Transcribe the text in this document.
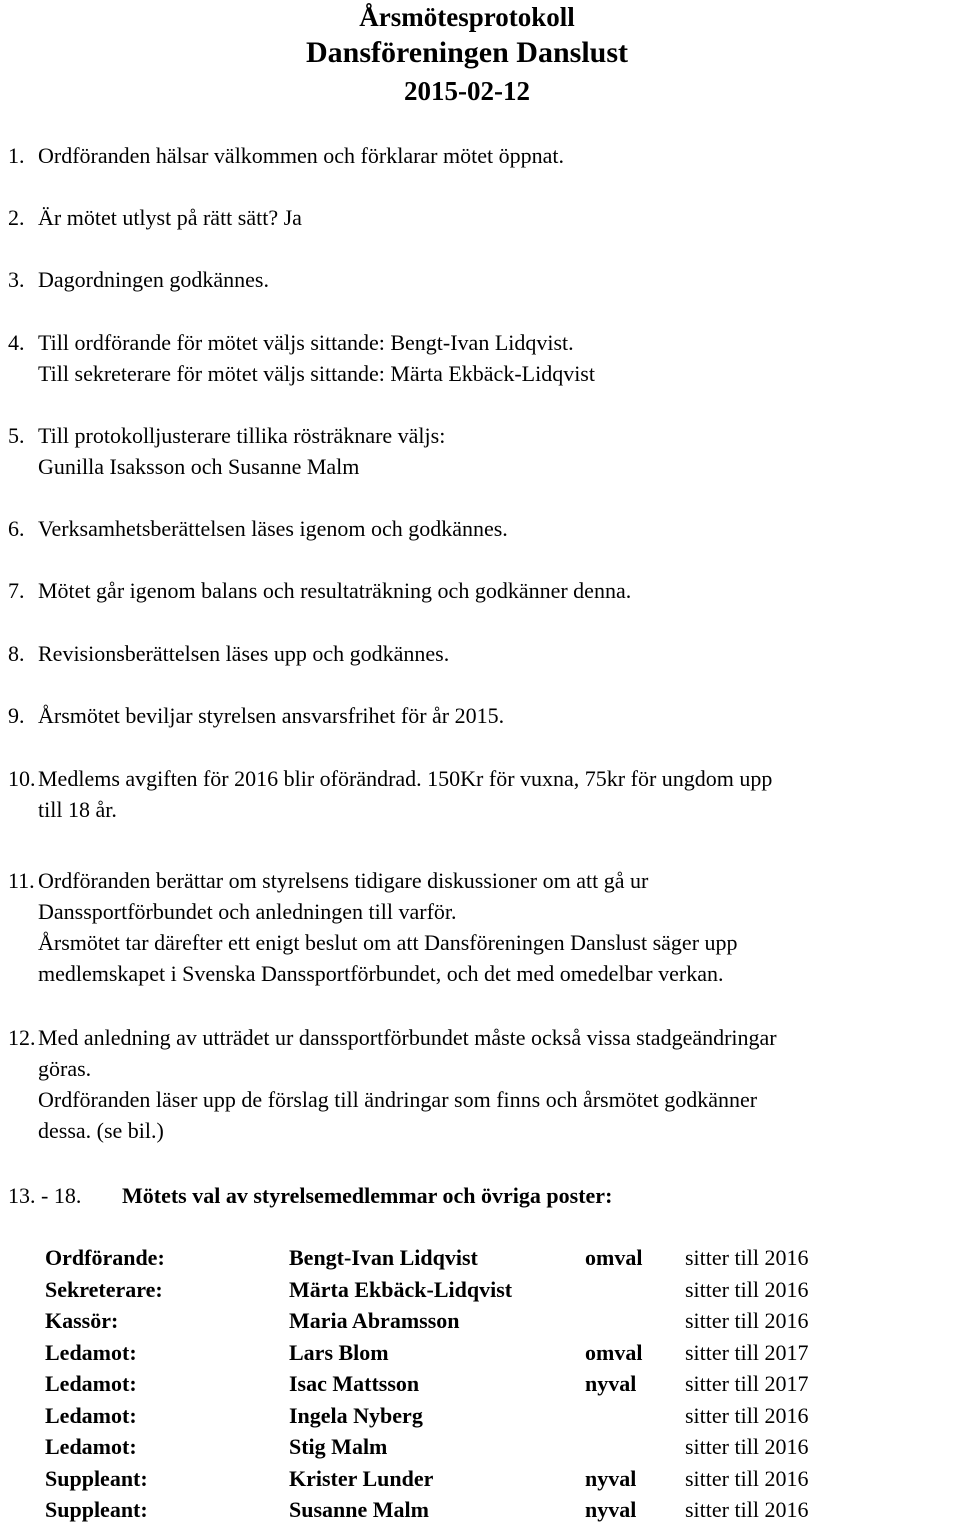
Årsmötesprotokoll
Dansföreningen Danslust
2015-02-12
1. Ordföranden hälsar välkommen och förklarar mötet öppnat.
2. Är mötet utlyst på rätt sätt? Ja
3. Dagordningen godkännes.
4. Till ordförande för mötet väljs sittande: Bengt-Ivan Lidqvist.
Till sekreterare för mötet väljs sittande: Märta Ekbäck-Lidqvist
5. Till protokolljusterare tillika rösträknare väljs:
Gunilla Isaksson och Susanne Malm
6. Verksamhetsberättelsen läses igenom och godkännes.
7. Mötet går igenom balans och resultaträkning och godkänner denna.
8. Revisionsberättelsen läses upp och godkännes.
9. Årsmötet beviljar styrelsen ansvarsfrihet för år 2015.
10. Medlems avgiften för 2016 blir oförändrad. 150Kr för vuxna, 75kr för ungdom upp
till 18 år.
11. Ordföranden berättar om styrelsens tidigare diskussioner om att gå ur
Danssportförbundet och anledningen till varför.
Årsmötet tar därefter ett enigt beslut om att Dansföreningen Danslust säger upp
medlemskapet i Svenska Danssportförbundet, och det med omedelbar verkan.
12. Med anledning av utträdet ur danssportförbundet måste också vissa stadgeändringar
göras.
Ordföranden läser upp de förslag till ändringar som finns och årsmötet godkänner
dessa. (se bil.)
13. - 18. Mötets val av styrelsemedlemmar och övriga poster:
Ordförande:	Bengt-Ivan Lidqvist	omval sitter till 2016
Sekreterare:	Märta Ekbäck-Lidqvist	sitter till 2016
Kassör:	Maria Abramsson	sitter till 2016
Ledamot:	Lars Blom	omval sitter till 2017
Ledamot:	Isac Mattsson	nyval sitter till 2017
Ledamot:	Ingela Nyberg	sitter till 2016
Ledamot:	Stig Malm	sitter till 2016
Suppleant:	Krister Lunder	nyval sitter till 2016
Suppleant:	Susanne Malm	nyval sitter till 2016
